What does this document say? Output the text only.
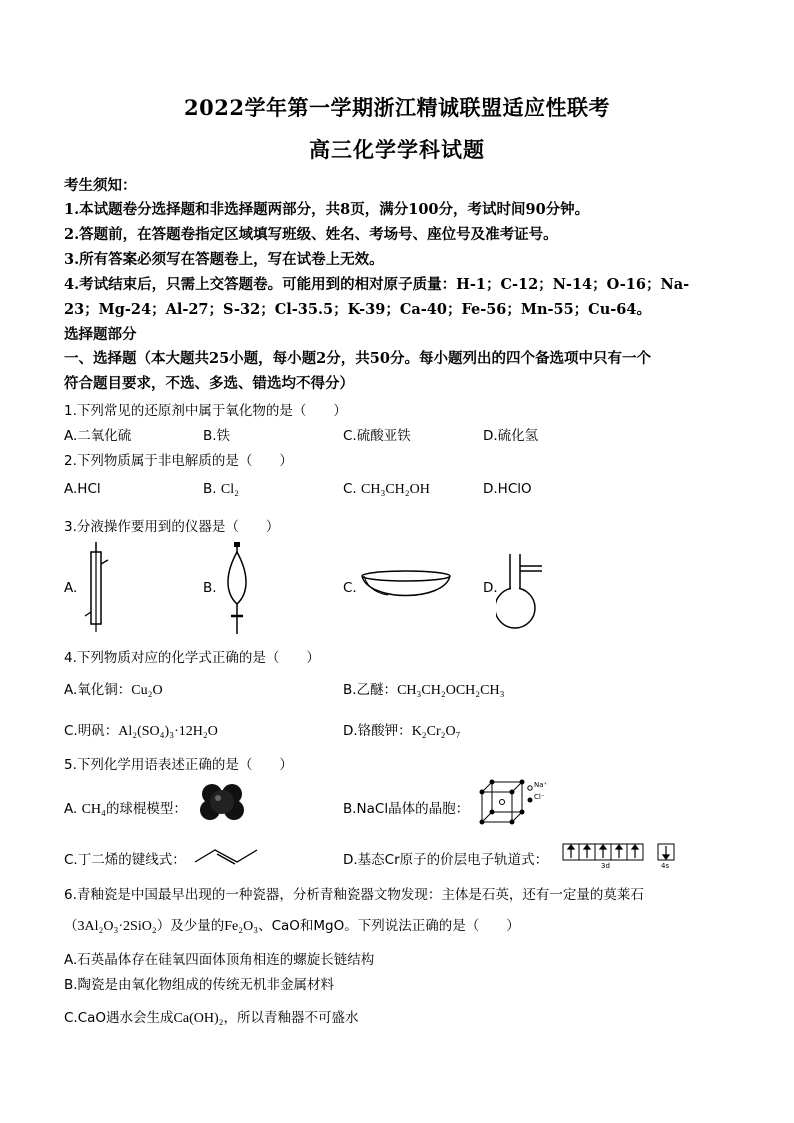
2022学年第一学期浙江精诚联盟适应性联考
高三化学学科试题
考生须知：
1.本试题卷分选择题和非选择题两部分，共8页，满分100分，考试时间90分钟。
2.答题前，在答题卷指定区域填写班级、姓名、考场号、座位号及准考证号。
3.所有答案必须写在答题卷上，写在试卷上无效。
4.考试结束后，只需上交答题卷。可能用到的相对原子质量：H-1；C-12；N-14；O-16；Na-
23；Mg-24；Al-27；S-32；Cl-35.5；K-39；Ca-40；Fe-56；Mn-55；Cu-64。
选择题部分
一、选择题（本大题共25小题，每小题2分，共50分。每小题列出的四个备选项中只有一个
符合题目要求，不选、多选、错选均不得分）
1.下列常见的还原剂中属于氧化物的是（　　）
A.二氧化硫	B.铁	C.硫酸亚铁	D.硫化氢
2.下列物质属于非电解质的是（　　）
A.HCl	B. Cl₂	C. CH₃CH₂OH	D.HClO
3.分液操作要用到的仪器是（　　）
A.	B.	C.	D.
4.下列物质对应的化学式正确的是（　　）
A.氧化铜：Cu₂O	B.乙醚：CH₃CH₂OCH₂CH₃
C.明矾：Al₂(SO₄)₃·12H₂O	D.铬酸钾：K₂Cr₂O₇
5.下列化学用语表述正确的是（　　）
A. CH₄的球棍模型：	B.NaCl晶体的晶胞：
Na⁺
Cl⁻
C.丁二烯的键线式：	D.基态Cr原子的价层电子轨道式：	3d	4s
6.青釉瓷是中国最早出现的一种瓷器，分析青釉瓷器文物发现：主体是石英，还有一定量的莫莱石
（3Al₂O₃·2SiO₂）及少量的Fe₂O₃、CaO和MgO。下列说法正确的是（　　）
A.石英晶体存在硅氧四面体顶角相连的螺旋长链结构
B.陶瓷是由氧化物组成的传统无机非金属材料
C.CaO遇水会生成Ca(OH)₂，所以青釉器不可盛水
